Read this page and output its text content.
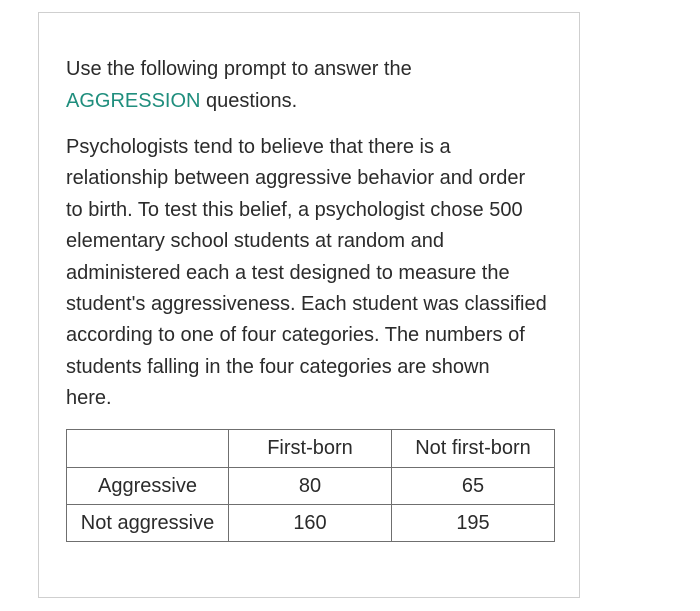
Use the following prompt to answer the
AGGRESSION questions.

Psychologists tend to believe that there is a
relationship between aggressive behavior and order
to birth. To test this belief, a psychologist chose 500
elementary school students at random and
administered each a test designed to measure the
student's aggressiveness. Each student was classified
according to one of four categories. The numbers of
students falling in the four categories are shown
here.

	First-born	Not first-born
Aggressive	80	65
Not aggressive	160	195
